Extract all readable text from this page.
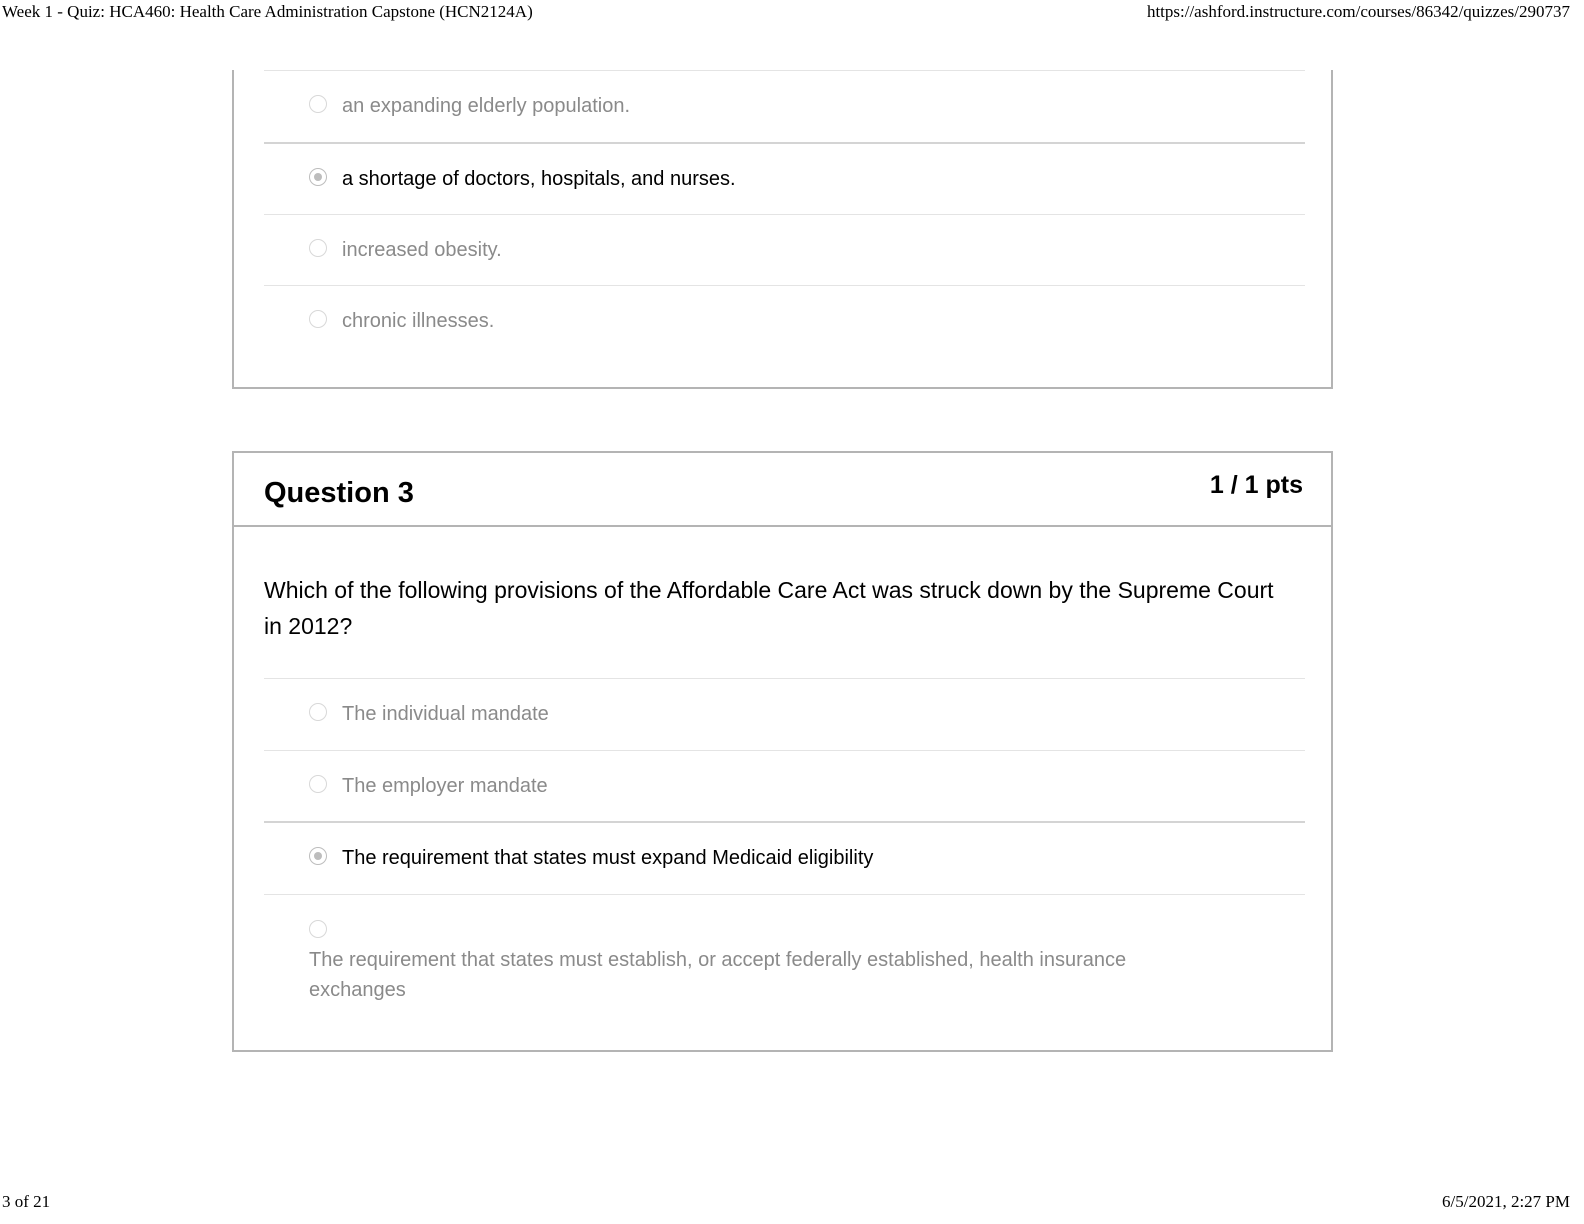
Week 1 - Quiz: HCA460: Health Care Administration Capstone (HCN2124A)	https://ashford.instructure.com/courses/86342/quizzes/290737
an expanding elderly population.
a shortage of doctors, hospitals, and nurses.
increased obesity.
chronic illnesses.
Question 3	1 / 1 pts
Which of the following provisions of the Affordable Care Act was struck down by the Supreme Court in 2012?
The individual mandate
The employer mandate
The requirement that states must expand Medicaid eligibility
The requirement that states must establish, or accept federally established, health insurance exchanges
3 of 21	6/5/2021, 2:27 PM
